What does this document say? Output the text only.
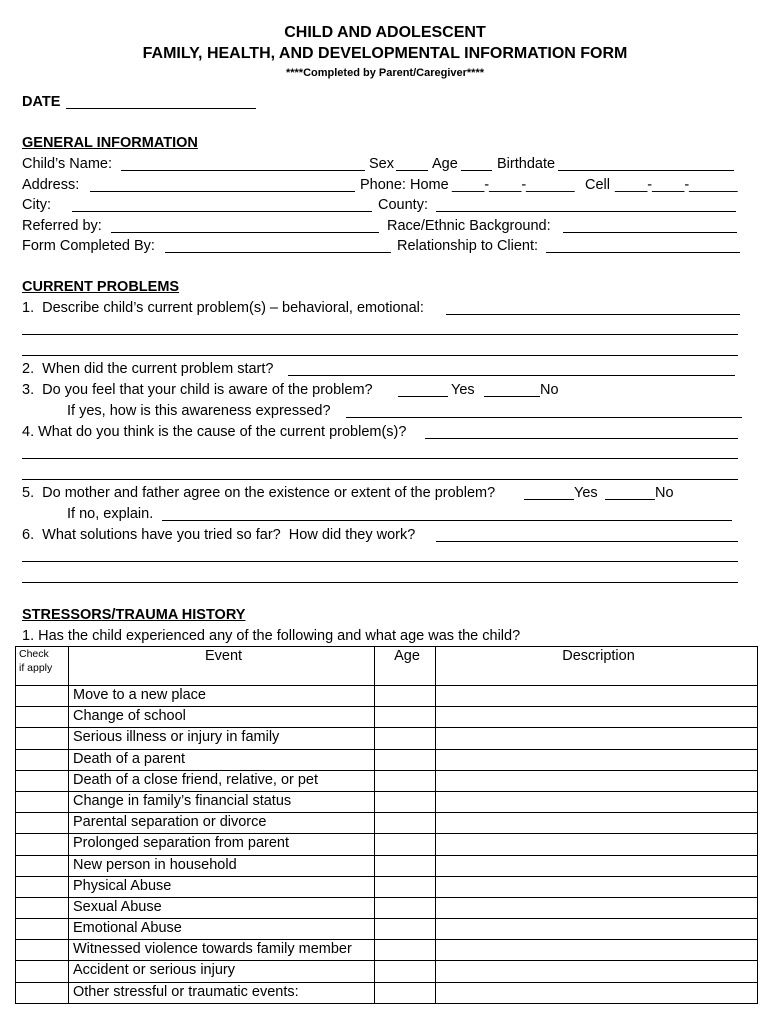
CHILD AND ADOLESCENT
FAMILY, HEALTH, AND DEVELOPMENTAL INFORMATION FORM
****Completed by Parent/Caregiver****
DATE
GENERAL INFORMATION
Child’s Name:	Sex	Age	Birthdate
Address:	Phone: Home ____-____-______ Cell ____-____-______
City:	County:
Referred by:	Race/Ethnic Background:
Form Completed By:	Relationship to Client:
CURRENT PROBLEMS
1.  Describe child’s current problem(s) – behavioral, emotional:
2.  When did the current problem start?
3.  Do you feel that your child is aware of the problem?	Yes	No
If yes, how is this awareness expressed?
4. What do you think is the cause of the current problem(s)?
5.  Do mother and father agree on the existence or extent of the problem?	Yes	No
If no, explain.
6.  What solutions have you tried so far?  How did they work?
STRESSORS/TRAUMA HISTORY
1. Has the child experienced any of the following and what age was the child?
Check
if apply	Event	Age	Description
	Move to a new place		
	Change of school		
	Serious illness or injury in family		
	Death of a parent		
	Death of a close friend, relative, or pet		
	Change in family’s financial status		
	Parental separation or divorce		
	Prolonged separation from parent		
	New person in household		
	Physical Abuse		
	Sexual Abuse		
	Emotional Abuse		
	Witnessed violence towards family member		
	Accident or serious injury		
	Other stressful or traumatic events:		
